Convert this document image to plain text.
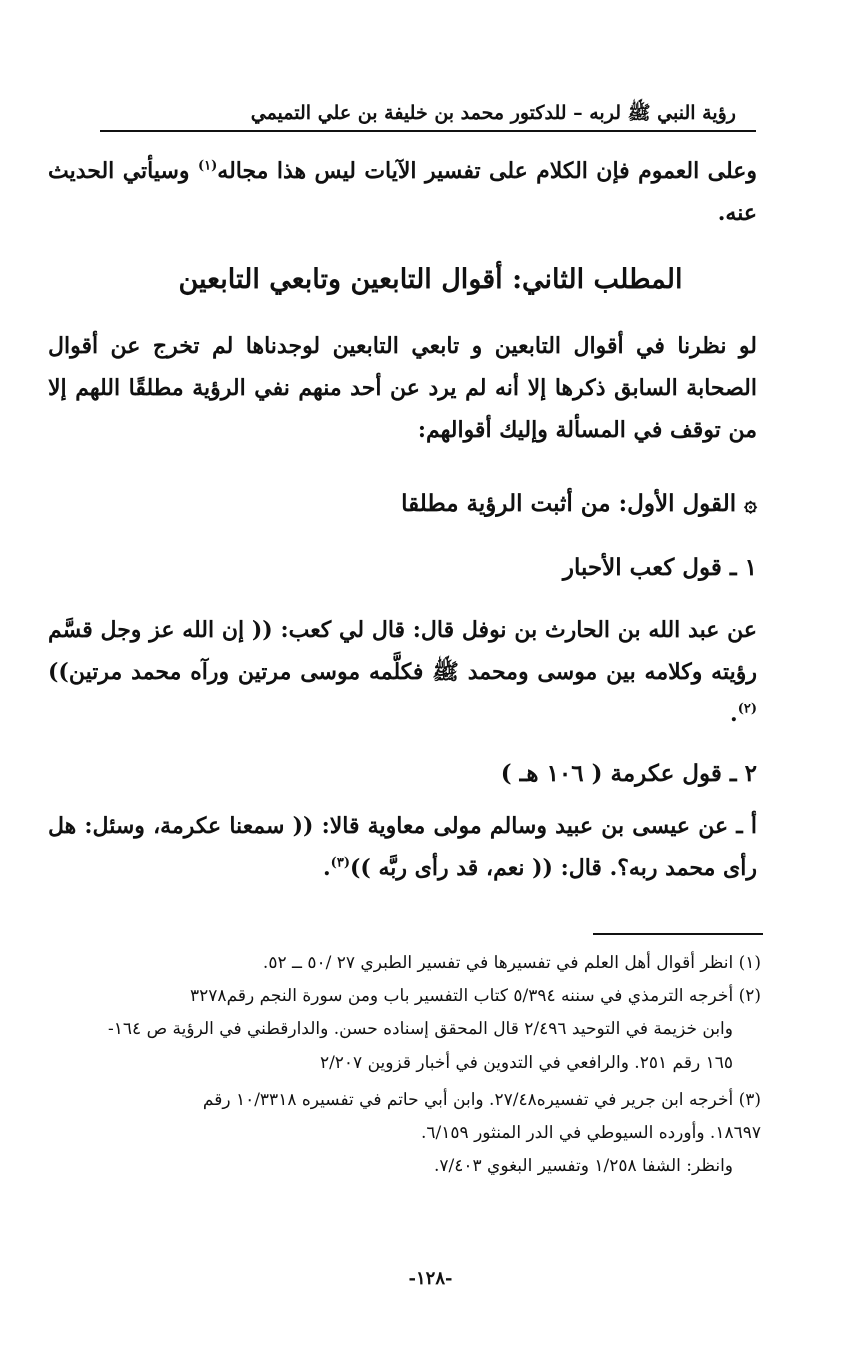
رؤية النبي ﷺ لربه – للدكتور محمد بن خليفة بن علي التميمي
وعلى العموم فإن الكلام على تفسير الآيات ليس هذا مجاله$^{(١)}$ وسيأتي الحديث عنه.
المطلب الثاني: أقوال التابعين وتابعي التابعين
لو نظرنا في أقوال التابعين و تابعي التابعين لوجدناها لم تخرج عن أقوال الصحابة السابق ذكرها إلا أنه لم يرد عن أحد منهم نفي الرؤية مطلقًا اللهم إلا من توقف في المسألة وإليك أقوالهم:
۞ القول الأول: من أثبت الرؤية مطلقا
١ ـ قول كعب الأحبار
عن عبد الله بن الحارث بن نوفل قال: قال لي كعب: (( إن الله عز وجل قسَّم رؤيته وكلامه بين موسى ومحمد ﷺ فكلَّمه موسى مرتين ورآه محمد مرتين))$^{(٢)}$.
٢ ـ قول عكرمة ( ١٠٦ هـ )
أ ـ عن عيسى بن عبيد وسالم مولى معاوية قالا: (( سمعنا عكرمة، وسئل: هل رأى محمد ربه؟. قال: (( نعم، قد رأى ربَّه ))$^{(٣)}$.
(١) انظر أقوال أهل العلم في تفسيرها في تفسير الطبري ٢٧ /٥٠ ــ ٥٢.
(٢) أخرجه الترمذي في سننه ٥/٣٩٤ كتاب التفسير باب ومن سورة النجم رقم٣٢٧٨
وابن خزيمة في التوحيد ٢/٤٩٦ قال المحقق إسناده حسن. والدارقطني في الرؤية ص ١٦٤-
١٦٥ رقم ٢٥١. والرافعي في التدوين في أخبار قزوين ٢/٢٠٧
(٣) أخرجه ابن جرير في تفسيره٢٧/٤٨. وابن أبي حاتم في تفسيره ١٠/٣٣١٨ رقم
١٨٦٩٧. وأورده السيوطي في الدر المنثور ٦/١٥٩.
وانظر: الشفا ١/٢٥٨ وتفسير البغوي ٧/٤٠٣.
-١٢٨-
